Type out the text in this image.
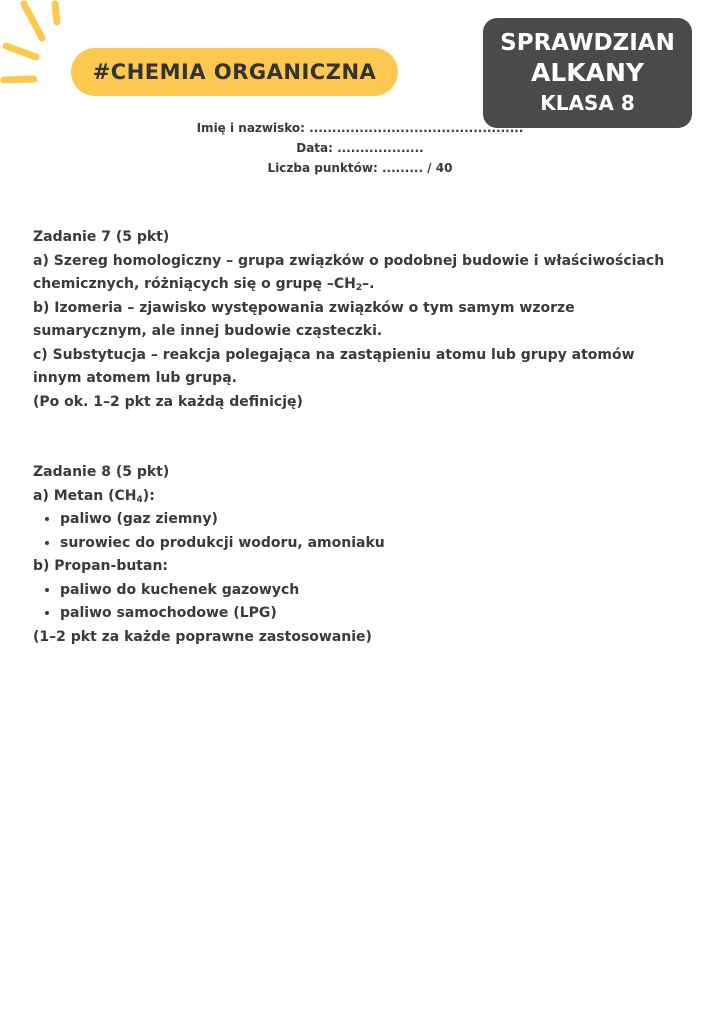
#CHEMIA ORGANICZNA
SPRAWDZIAN
ALKANY
KLASA 8
Imię i nazwisko: ...............................................
Data: ...................
Liczba punktów: ......... / 40

Zadanie 7 (5 pkt)

a) Szereg homologiczny – grupa związków o podobnej budowie i właściwościach chemicznych, różniących się o grupę $-CH_2-$.

b) Izomeria – zjawisko występowania związków o tym samym wzorze sumarycznym, ale innej budowie cząsteczki.

c) Substytucja – reakcja polegająca na zastąpieniu atomu lub grupy atomów innym atomem lub grupą.

(Po ok. 1–2 pkt za każdą definicję)

Zadanie 8 (5 pkt)

a) Metan $(CH_4)$:

• paliwo (gaz ziemny)
• surowiec do produkcji wodoru, amoniaku

b) Propan-butan:

• paliwo do kuchenek gazowych
• paliwo samochodowe (LPG)

(1–2 pkt za każde poprawne zastosowanie)
